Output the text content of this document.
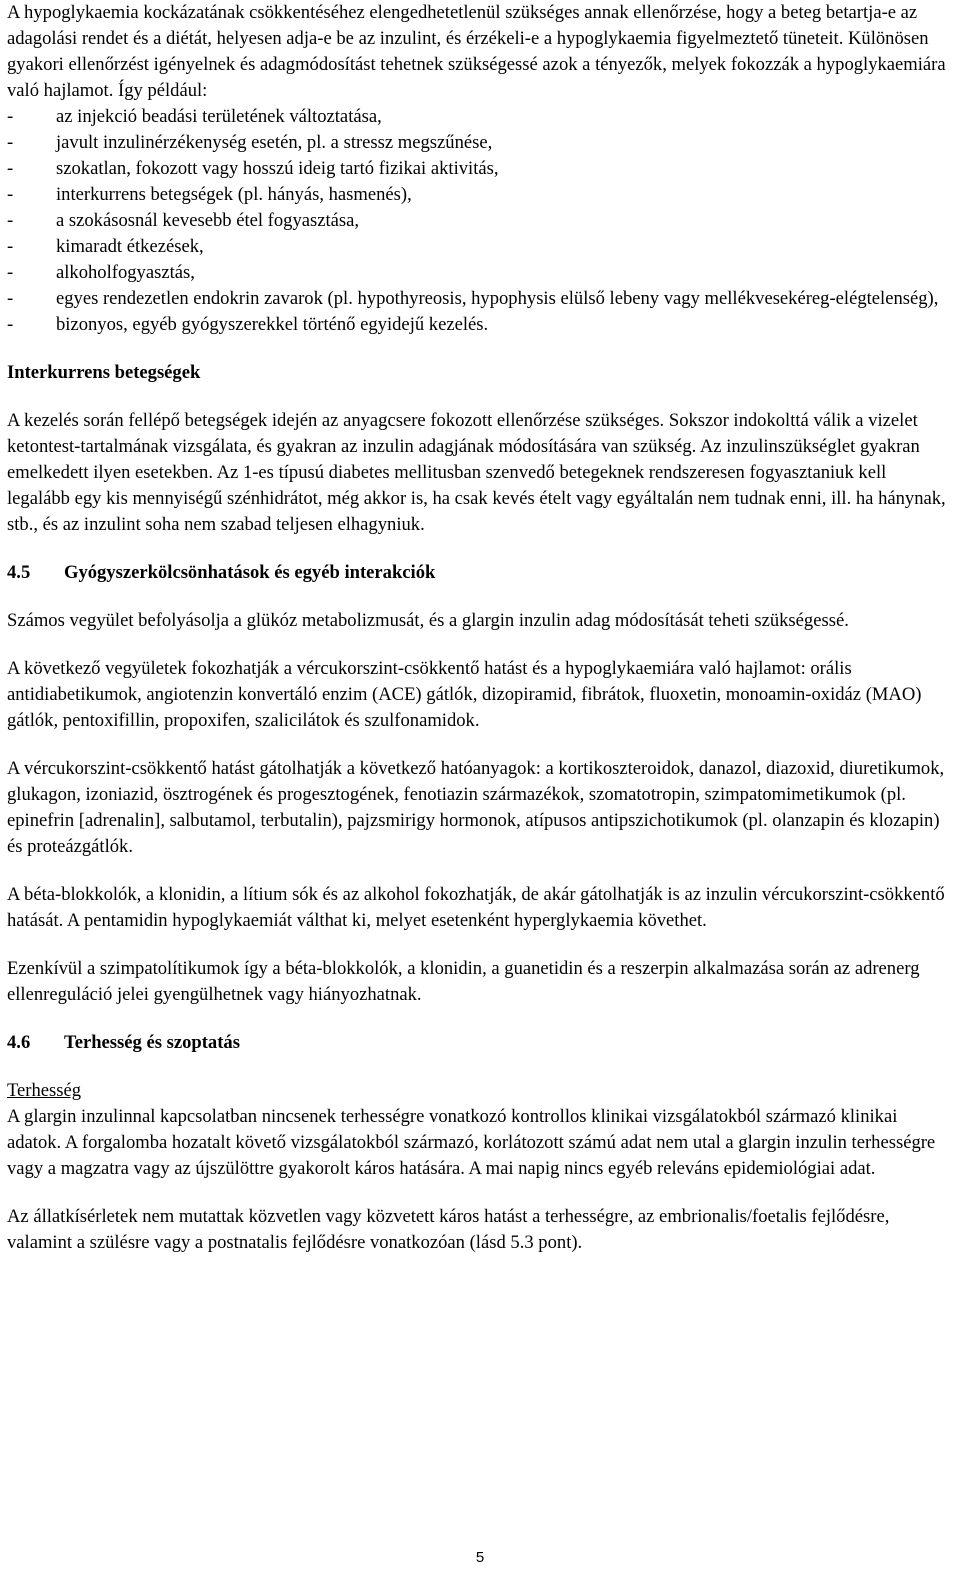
A hypoglykaemia kockázatának csökkentéséhez elengedhetetlenül szükséges annak ellenőrzése, hogy a beteg betartja-e az adagolási rendet és a diétát, helyesen adja-e be az inzulint, és érzékeli-e a hypoglykaemia figyelmeztető tüneteit. Különösen gyakori ellenőrzést igényelnek és adagmódosítást tehetnek szükségessé azok a tényezők, melyek fokozzák a hypoglykaemiára való hajlamot. Így például:

- az injekció beadási területének változtatása,
- javult inzulinérzékenység esetén, pl. a stressz megszűnése,
- szokatlan, fokozott vagy hosszú ideig tartó fizikai aktivitás,
- interkurrens betegségek (pl. hányás, hasmenés),
- a szokásosnál kevesebb étel fogyasztása,
- kimaradt étkezések,
- alkoholfogyasztás,
- egyes rendezetlen endokrin zavarok (pl. hypothyreosis, hypophysis elülső lebeny vagy mellékvesekéreg-elégtelenség),
- bizonyos, egyéb gyógyszerekkel történő egyidejű kezelés.

Interkurrens betegségek

A kezelés során fellépő betegségek idején az anyagcsere fokozott ellenőrzése szükséges. Sokszor indokolttá válik a vizelet ketontest-tartalmának vizsgálata, és gyakran az inzulin adagjának módosítására van szükség. Az inzulinszükséglet gyakran emelkedett ilyen esetekben. Az 1-es típusú diabetes mellitusban szenvedő betegeknek rendszeresen fogyasztaniuk kell legalább egy kis mennyiségű szénhidrátot, még akkor is, ha csak kevés ételt vagy egyáltalán nem tudnak enni, ill. ha hánynak, stb., és az inzulint soha nem szabad teljesen elhagyniuk.

4.5 Gyógyszerkölcsönhatások és egyéb interakciók

Számos vegyület befolyásolja a glükóz metabolizmusát, és a glargin inzulin adag módosítását teheti szükségessé.

A következő vegyületek fokozhatják a vércukorszint-csökkentő hatást és a hypoglykaemiára való hajlamot: orális antidiabetikumok, angiotenzin konvertáló enzim (ACE) gátlók, dizopiramid, fibrátok, fluoxetin, monoamin-oxidáz (MAO) gátlók, pentoxifillin, propoxifen, szalicilátok és szulfonamidok.

A vércukorszint-csökkentő hatást gátolhatják a következő hatóanyagok: a kortikoszteroidok, danazol, diazoxid, diuretikumok, glukagon, izoniazid, ösztrogének és progesztogének, fenotiazin származékok, szomatotropin, szimpatomimetikumok (pl. epinefrin [adrenalin], salbutamol, terbutalin), pajzsmirigy hormonok, atípusos antipszichotikumok (pl. olanzapin és klozapin) és proteázgátlók.

A béta-blokkolók, a klonidin, a lítium sók és az alkohol fokozhatják, de akár gátolhatják is az inzulin vércukorszint-csökkentő hatását. A pentamidin hypoglykaemiát válthat ki, melyet esetenként hyperglykaemia követhet.

Ezenkívül a szimpatolítikumok így a béta-blokkolók, a klonidin, a guanetidin és a reszerpin alkalmazása során az adrenerg ellenreguláció jelei gyengülhetnek vagy hiányozhatnak.

4.6 Terhesség és szoptatás

Terhesség

A glargin inzulinnal kapcsolatban nincsenek terhességre vonatkozó kontrollos klinikai vizsgálatokból származó klinikai adatok. A forgalomba hozatalt követő vizsgálatokból származó, korlátozott számú adat nem utal a glargin inzulin terhességre vagy a magzatra vagy az újszülöttre gyakorolt káros hatására. A mai napig nincs egyéb releváns epidemiológiai adat.

Az állatkísérletek nem mutattak közvetlen vagy közvetett káros hatást a terhességre, az embrionalis/foetalis fejlődésre, valamint a szülésre vagy a postnatalis fejlődésre vonatkozóan (lásd 5.3 pont).

5
